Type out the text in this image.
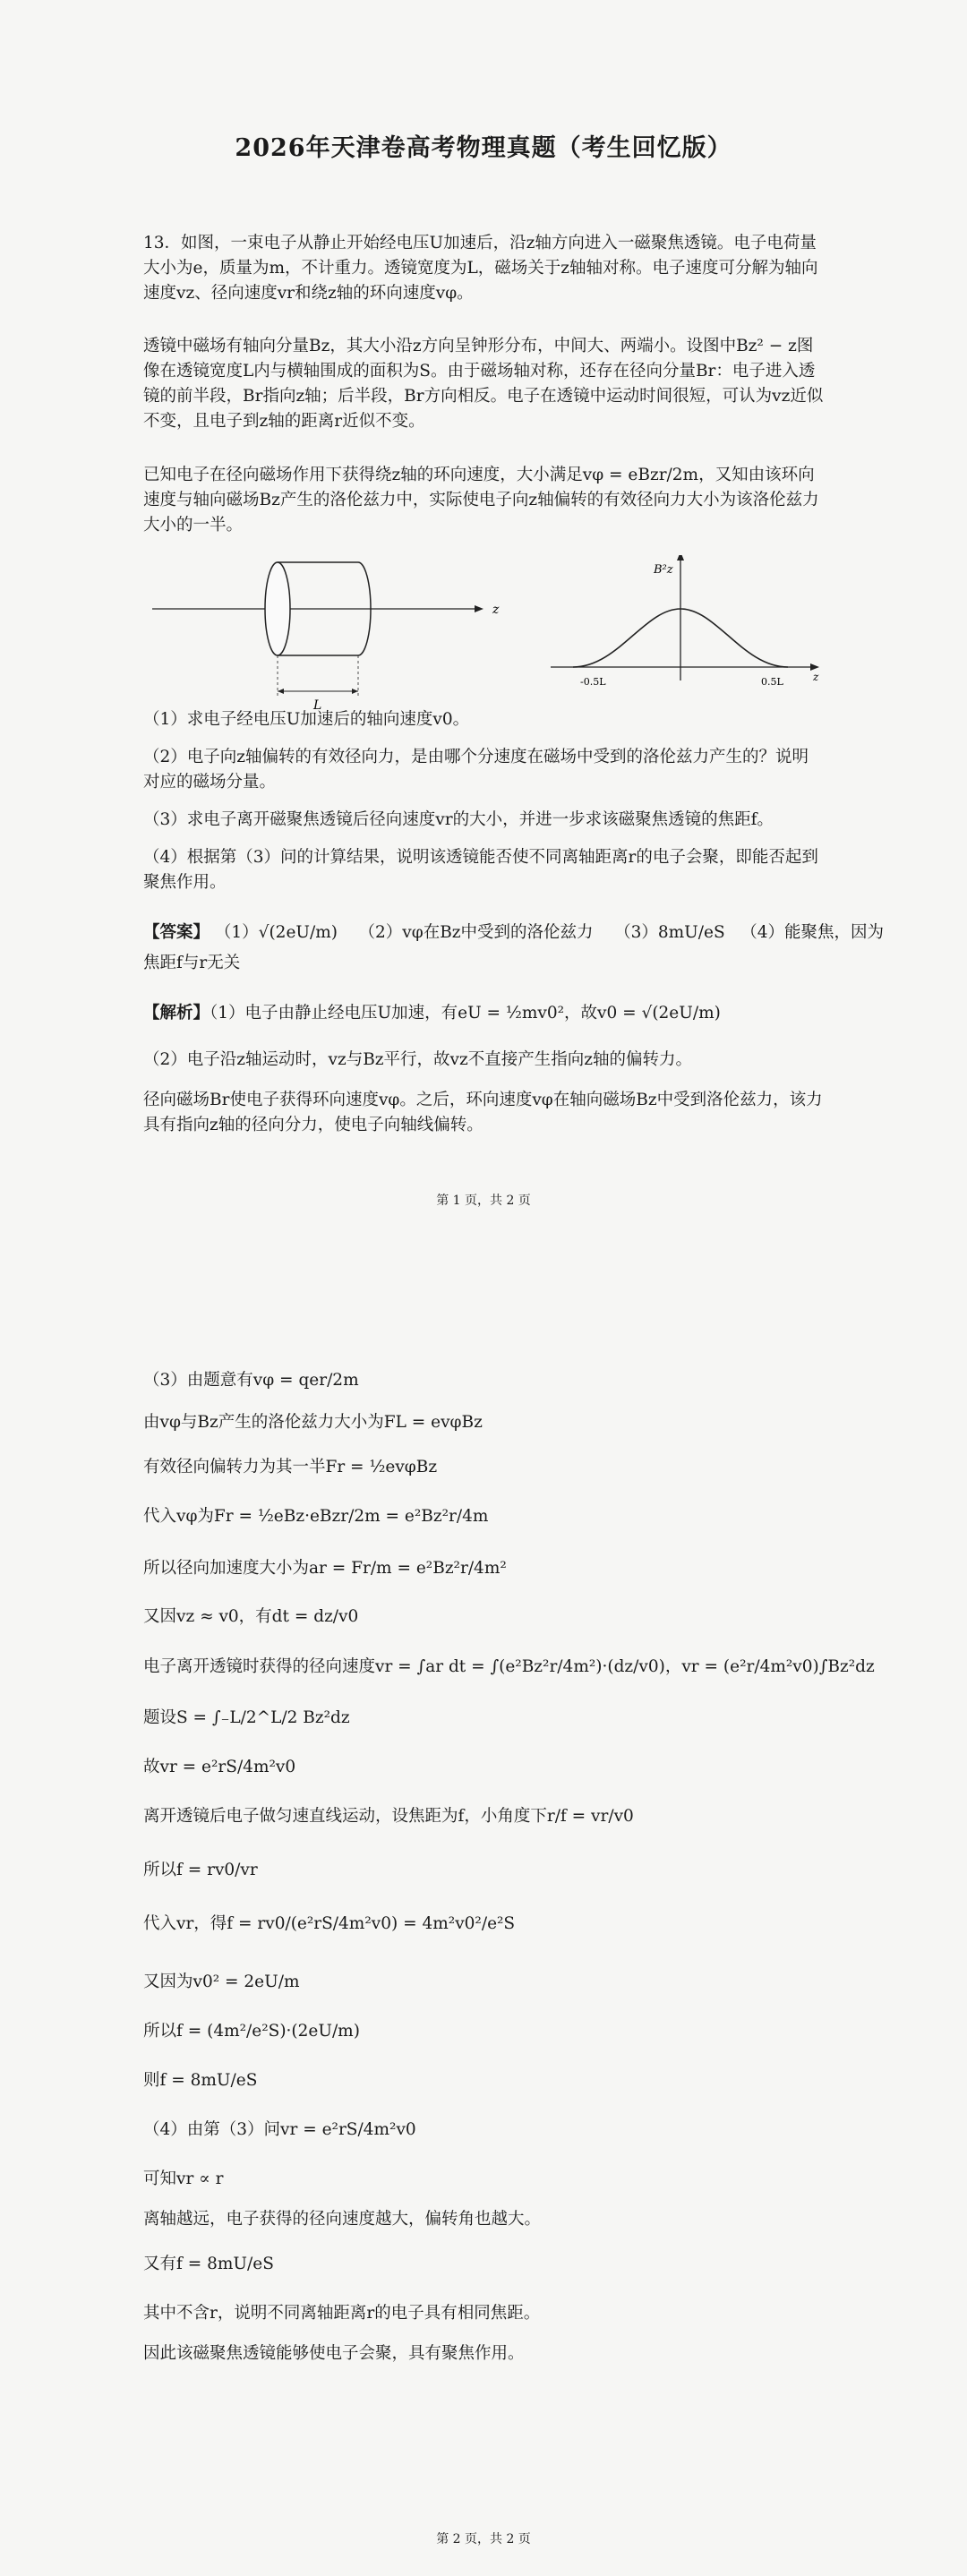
2026年天津卷高考物理真题（考生回忆版）

13．如图，一束电子从静止开始经电压U加速后，沿z轴方向进入一磁聚焦透镜。电子电荷量大小为e，质量为m，不计重力。透镜宽度为L，磁场关于z轴轴对称。电子速度可分解为轴向速度vz、径向速度vr和绕z轴的环向速度vφ。

透镜中磁场有轴向分量Bz，其大小沿z方向呈钟形分布，中间大、两端小。设图中Bz² − z图像在透镜宽度L内与横轴围成的面积为S。由于磁场轴对称，还存在径向分量Br：电子进入透镜的前半段，Br指向z轴；后半段，Br方向相反。电子在透镜中运动时间很短，可认为vz近似不变，且电子到z轴的距离r近似不变。

已知电子在径向磁场作用下获得绕z轴的环向速度，大小满足vφ = eBzr/2m，又知由该环向速度与轴向磁场Bz产生的洛伦兹力中，实际使电子向z轴偏转的有效径向力大小为该洛伦兹力大小的一半。

z
L
B²z
z
-0.5L	0.5L

（1）求电子经电压U加速后的轴向速度v0。

（2）电子向z轴偏转的有效径向力，是由哪个分速度在磁场中受到的洛伦兹力产生的？说明对应的磁场分量。

（3）求电子离开磁聚焦透镜后径向速度vr的大小，并进一步求该磁聚焦透镜的焦距f。

（4）根据第（3）问的计算结果，说明该透镜能否使不同离轴距离r的电子会聚，即能否起到聚焦作用。

【答案】 （1）√(2eU/m) （2）vφ在Bz中受到的洛伦兹力 （3）8mU/eS （4）能聚焦，因为
焦距f与r无关
【解析】（1）电子由静止经电压U加速，有eU = ½mv0²，故v0 = √(2eU/m)

（2）电子沿z轴运动时，vz与Bz平行，故vz不直接产生指向z轴的偏转力。

径向磁场Br使电子获得环向速度vφ。之后，环向速度vφ在轴向磁场Bz中受到洛伦兹力，该力具有指向z轴的径向分力，使电子向轴线偏转。

第 1 页，共 2 页
（3）由题意有vφ = qer/2m
由vφ与Bz产生的洛伦兹力大小为FL = evφBz
有效径向偏转力为其一半Fr = ½evφBz
代入vφ为Fr = ½eBz·eBzr/2m = e²Bz²r/4m
所以径向加速度大小为ar = Fr/m = e²Bz²r/4m²
又因vz ≈ v0，有dt = dz/v0
电子离开透镜时获得的径向速度vr = ∫ar dt = ∫(e²Bz²r/4m²)·(dz/v0)，vr = (e²r/4m²v0)∫Bz²dz
题设S = ∫₋L/2^L/2 Bz²dz
故vr = e²rS/4m²v0
离开透镜后电子做匀速直线运动，设焦距为f，小角度下r/f = vr/v0
所以f = rv0/vr
代入vr，得f = rv0/(e²rS/4m²v0) = 4m²v0²/e²S
又因为v0² = 2eU/m
所以f = (4m²/e²S)·(2eU/m)
则f = 8mU/eS
（4）由第（3）问vr = e²rS/4m²v0
可知vr ∝ r
离轴越远，电子获得的径向速度越大，偏转角也越大。
又有f = 8mU/eS
其中不含r，说明不同离轴距离r的电子具有相同焦距。
因此该磁聚焦透镜能够使电子会聚，具有聚焦作用。
第 2 页，共 2 页
